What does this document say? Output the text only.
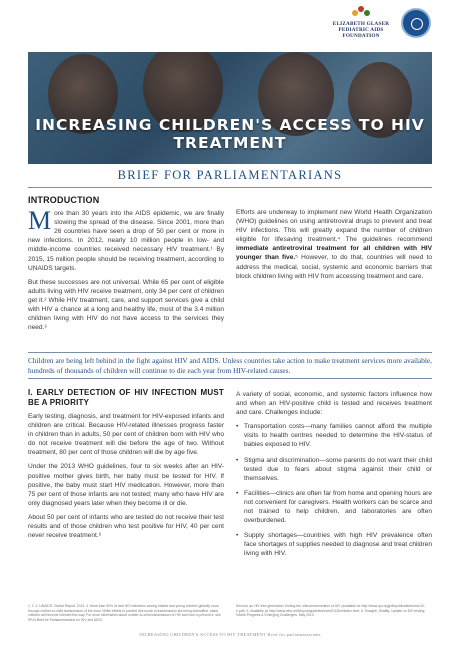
ELIZABETH GLASER PEDIATRIC AIDS FOUNDATION
INCREASING CHILDREN'S ACCESS TO HIV TREATMENT
BRIEF FOR PARLIAMENTARIANS
INTRODUCTION

More than 30 years into the AIDS epidemic, we are finally slowing the spread of the disease. Since 2001, more than 26 countries have seen a drop of 50 per cent or more in new infections. In 2012, nearly 10 million people in low- and middle-income countries received necessary HIV treatment.¹ By 2015, 15 million people should be receiving treatment, according to UNAIDS targets.

But these successes are not universal. While 65 per cent of eligible adults living with HIV receive treatment, only 34 per cent of children get it.² While HIV treatment, care, and support services give a child with HIV a chance at a long and healthy life, most of the 3.4 million children living with HIV do not have access to the services they need.³

Efforts are underway to implement new World Health Organization (WHO) guidelines on using antiretroviral drugs to prevent and treat HIV infections. This will greatly expand the number of children eligible for lifesaving treatment.⁴ The guidelines recommend immediate antiretroviral treatment for all children with HIV younger than five.⁵ However, to do that, countries will need to address the medical, social, systemic and economic barriers that block children living with HIV from accessing treatment and care.

Children are being left behind in the fight against HIV and AIDS. Unless countries take action to make treatment services more available, hundreds of thousands of children will continue to die each year from HIV-related causes.
I. EARLY DETECTION OF HIV INFECTION MUST BE A PRIORITY

Early testing, diagnosis, and treatment for HIV-exposed infants and children are critical. Because HIV-related illnesses progress faster in children than in adults, 50 per cent of children born with HIV who do not receive treatment will die before the age of two. Without treatment, 80 per cent of those children will die by age five.

Under the 2013 WHO guidelines, four to six weeks after an HIV-positive mother gives birth, her baby must be tested for HIV. If positive, the baby must start HIV medication. However, more than 75 per cent of those infants are not tested; many who have HIV are only diagnosed years later when they become ill or die.

About 50 per cent of infants who are tested do not receive their test results and of those children who test positive for HIV, 40 per cent never receive treatment.⁶

A variety of social, economic, and systemic factors influence how and when an HIV-positive child is tested and receives treatment and care. Challenges include:

• Transportation costs—many families cannot afford the multiple visits to health centres needed to determine the HIV-status of babies exposed to HIV.
• Stigma and discrimination—some parents do not want their child tested due to fears about stigma against their child or themselves.
• Facilities—clinics are often far from home and opening hours are not convenient for caregivers. Health workers can be scarce and not trained to help children, and laboratories are often overburdened.
• Supply shortages—countries with high HIV prevalence often face shortages of supplies needed to diagnose and treat children living with HIV.
1, 2, 3. UNAIDS. Global Report. 2013. 4. More than 90% of new HIV infections among infants and young children globally occur through mother-to-child transmission of the virus. While efforts to prevent this mode of transmission are being intensified, many children will become infected this way. For more information about mother-to-child transmission of HIV and how to prevent it, see IPU's Brief for Parliamentarians on HIV and AIDS.
Second, an HIV-free generation: finding the critical intervention of HIV (available at: http://www.ipu.org/pdf/publications/mch12-e.pdf). 5. Available at: http://www.who.int/hiv/pub/guidelines/arv2013/en/index.html. 6. Essajee, Shaffiq. Update on EID testing. Global Progress & Emerging Challenges. May 2013.
INCREASING CHILDREN'S ACCESS TO HIV TREATMENT Brief for parliamentarians
